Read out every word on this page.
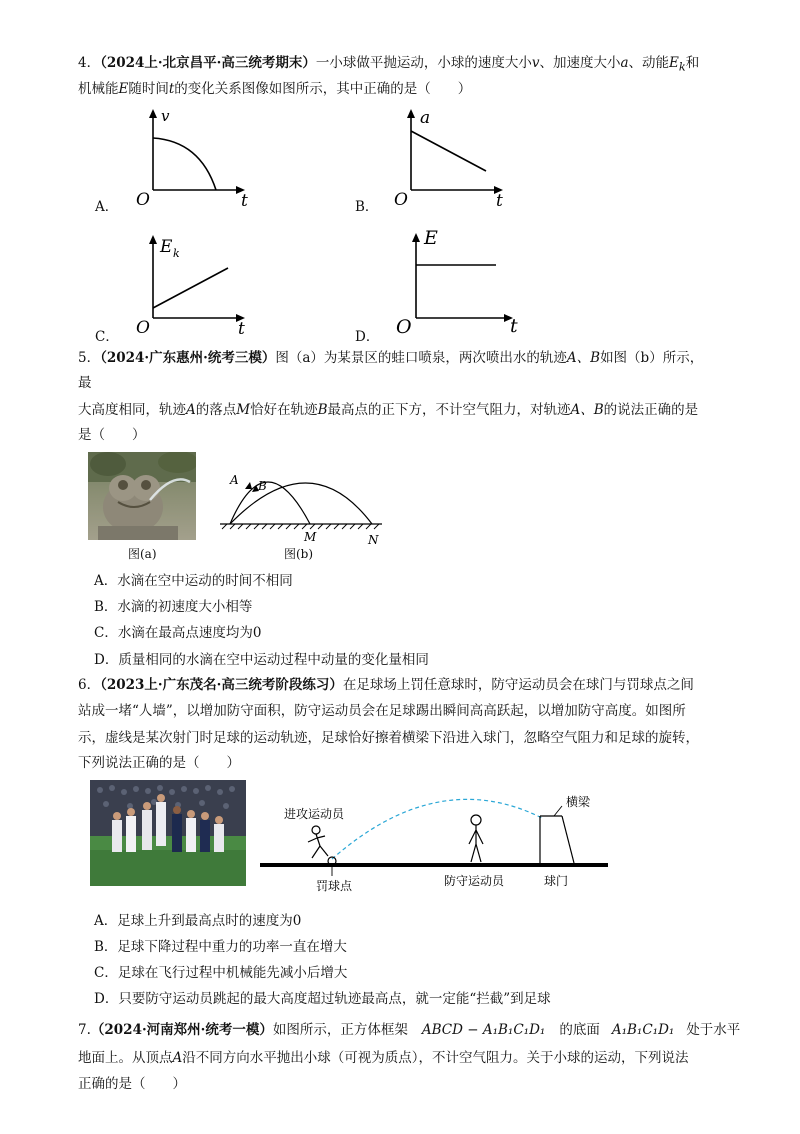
4．（2024上·北京昌平·高三统考期末）一小球做平抛运动，小球的速度大小v、加速度大小a、动能$E_k$和
机械能E随时间t的变化关系图像如图所示，其中正确的是（　　）
A．
v
O	t	B．
a
O	t
C．
E k
O	t	D．
E
O	t
5．（2024·广东惠州·统考三模）图（a）为某景区的蛙口喷泉，两次喷出水的轨迹A、B如图（b）所示，
最
大高度相同，轨迹A的落点M恰好在轨迹B最高点的正下方，不计空气阻力，对轨迹A、B的说法正确的是
是（　　）
图(a)
A B
M	N
图(b)
A．水滴在空中运动的时间不相同
B．水滴的初速度大小相等
C．水滴在最高点速度均为0
D．质量相同的水滴在空中运动过程中动量的变化量相同
6．（2023上·广东茂名·高三统考阶段练习）在足球场上罚任意球时，防守运动员会在球门与罚球点之间
站成一堵“人墙”，以增加防守面积，防守运动员会在足球踢出瞬间高高跃起，以增加防守高度。如图所
示，虚线是某次射门时足球的运动轨迹，足球恰好擦着横梁下沿进入球门，忽略空气阻力和足球的旋转，
下列说法正确的是（　　）
进攻运动员
横梁
罚球点	防守运动员	球门
A．足球上升到最高点时的速度为0
B．足球下降过程中重力的功率一直在增大
C．足球在飞行过程中机械能先减小后增大
D．只要防守运动员跳起的最大高度超过轨迹最高点，就一定能“拦截”到足球
7.（2024·河南郑州·统考一模）如图所示，正方体框架 ABCD − A₁B₁C₁D₁ 的底面 A₁B₁C₁D₁ 处于水平
地面上。从顶点A沿不同方向水平抛出小球（可视为质点），不计空气阻力。关于小球的运动，下列说法
正确的是（　　）
